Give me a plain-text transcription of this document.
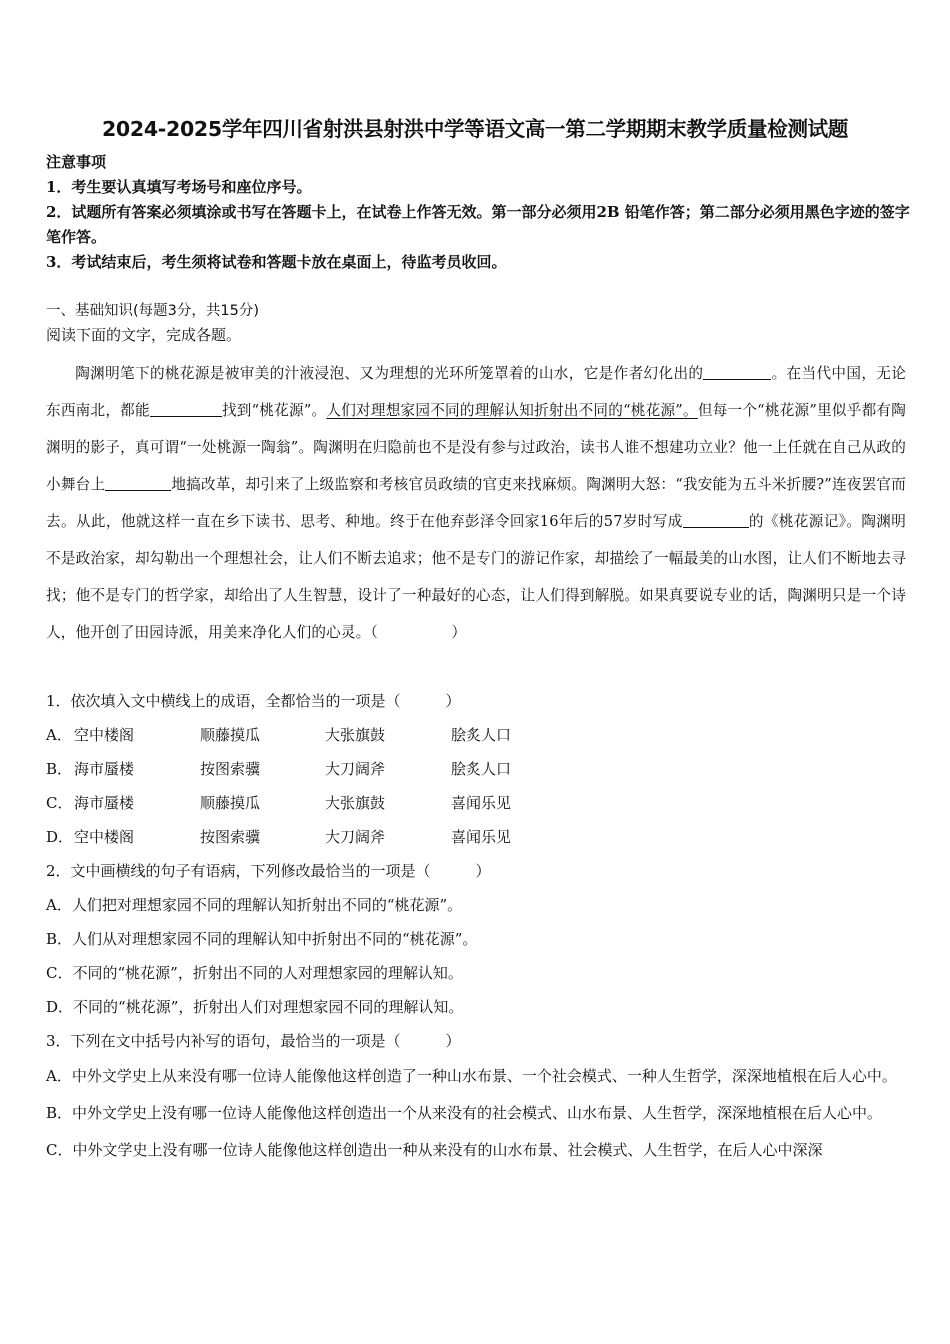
2024-2025学年四川省射洪县射洪中学等语文高一第二学期期末教学质量检测试题
注意事项
1．考生要认真填写考场号和座位序号。
2．试题所有答案必须填涂或书写在答题卡上，在试卷上作答无效。第一部分必须用2B 铅笔作答；第二部分必须用黑色字迹的签字笔作答。
3．考试结束后，考生须将试卷和答题卡放在桌面上，待监考员收回。
一、基础知识(每题3分，共15分)
阅读下面的文字，完成各题。

陶渊明笔下的桃花源是被审美的汁液浸泡、又为理想的光环所笼罩着的山水，它是作者幻化出的	。在当代中国，无论东西南北，都能	找到“桃花源”。人们对理想家园不同的理解认知折射出不同的“桃花源”。但每一个“桃花源”里似乎都有陶渊明的影子，真可谓“一处桃源一陶翁”。陶渊明在归隐前也不是没有参与过政治，读书人谁不想建功立业？他一上任就在自己从政的小舞台上	地搞改革，却引来了上级监察和考核官员政绩的官吏来找麻烦。陶渊明大怒：“我安能为五斗米折腰?”连夜罢官而去。从此，他就这样一直在乡下读书、思考、种地。终于在他弃彭泽令回家16年后的57岁时写成	的《桃花源记》。陶渊明不是政治家，却勾勒出一个理想社会，让人们不断去追求；他不是专门的游记作家，却描绘了一幅最美的山水图，让人们不断地去寻找；他不是专门的哲学家，却给出了人生智慧，设计了一种最好的心态，让人们得到解脱。如果真要说专业的话，陶渊明只是一个诗人，他开创了田园诗派，用美来净化人们的心灵。（　　　　　）

1．依次填入文中横线上的成语，全都恰当的一项是（　　　）
A． 空中楼阁	顺藤摸瓜	大张旗鼓	脍炙人口
B． 海市蜃楼	按图索骥	大刀阔斧	脍炙人口
C． 海市蜃楼	顺藤摸瓜	大张旗鼓	喜闻乐见
D． 空中楼阁	按图索骥	大刀阔斧	喜闻乐见
2．文中画横线的句子有语病，下列修改最恰当的一项是（　　　）
A．人们把对理想家园不同的理解认知折射出不同的“桃花源”。
B．人们从对理想家园不同的理解认知中折射出不同的“桃花源”。
C．不同的“桃花源”，折射出不同的人对理想家园的理解认知。
D．不同的“桃花源”，折射出人们对理想家园不同的理解认知。
3．下列在文中括号内补写的语句，最恰当的一项是（　　　）
A．中外文学史上从来没有哪一位诗人能像他这样创造了一种山水布景、一个社会模式、一种人生哲学，深深地植根在后人心中。
B．中外文学史上没有哪一位诗人能像他这样创造出一个从来没有的社会模式、山水布景、人生哲学，深深地植根在后人心中。
C．中外文学史上没有哪一位诗人能像他这样创造出一种从来没有的山水布景、社会模式、人生哲学，在后人心中深深
